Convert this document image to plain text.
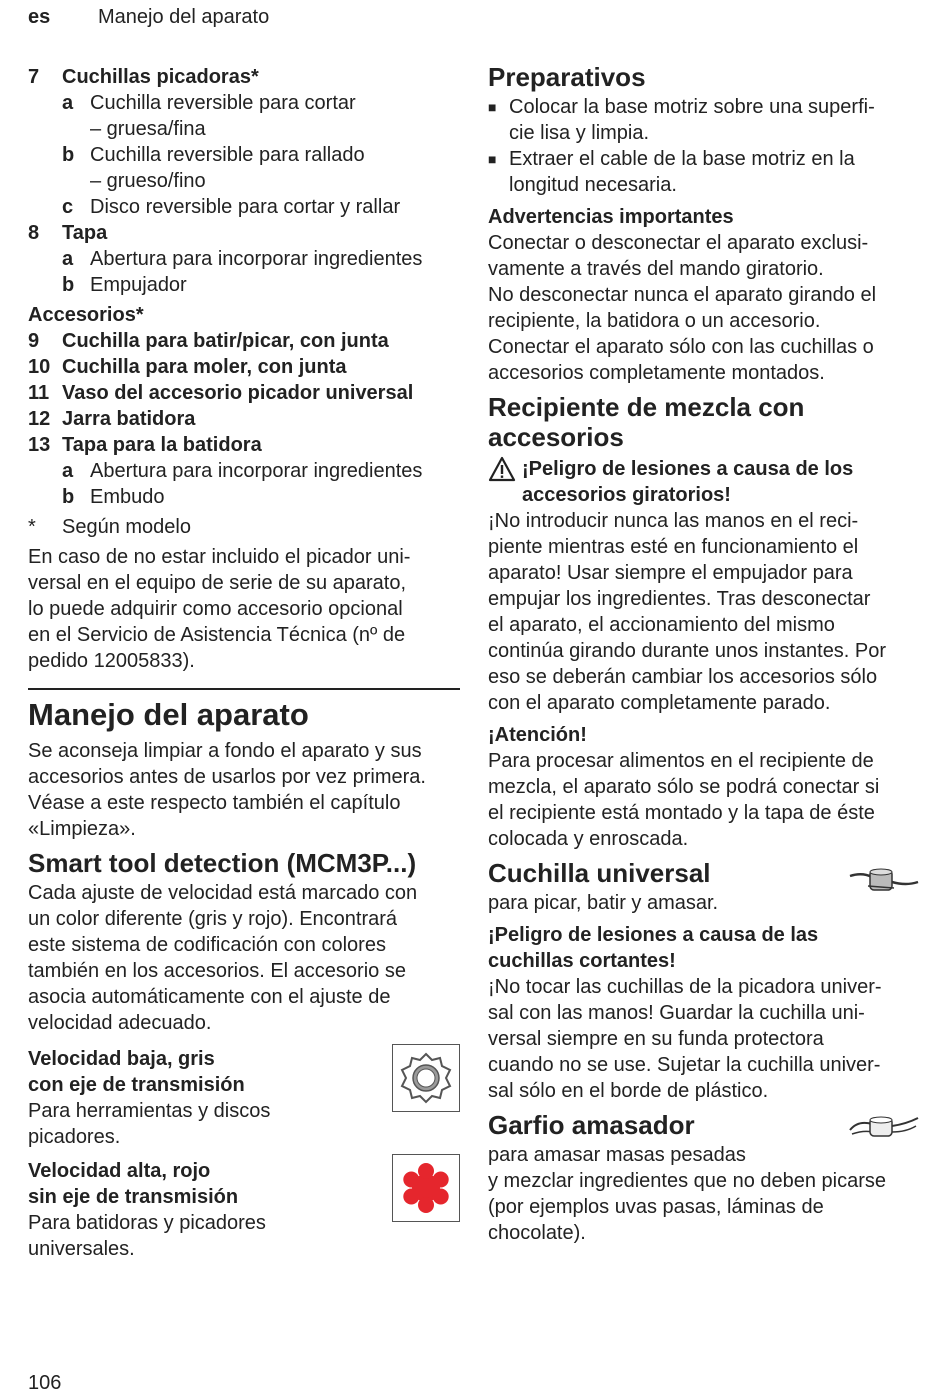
es Manejo del aparato
7	Cuchillas picadoras*
a Cuchilla reversible para cortar
– gruesa/fina
b Cuchilla reversible para rallado
– grueso/fino
c Disco reversible para cortar y rallar
8	Tapa
a Abertura para incorporar ingredientes
b Empujador
Accesorios*
9	Cuchilla para batir/picar, con junta
10 Cuchilla para moler, con junta
11 Vaso del accesorio picador universal
12 Jarra batidora
13 Tapa para la batidora
a Abertura para incorporar ingredientes
b Embudo
*	Según modelo

En caso de no estar incluido el picador uni-

versal en el equipo de serie de su aparato,

lo puede adquirir como accesorio opcional

en el Servicio de Asistencia Técnica (nº de

pedido 12005833).

Manejo del aparato

Se aconseja limpiar a fondo el aparato y sus

accesorios antes de usarlos por vez primera.

Véase a este respecto también el capítulo

«Limpieza».

Smart tool detection (MCM3P...)

Cada ajuste de velocidad está marcado con

un color diferente (gris y rojo). Encontrará

este sistema de codificación con colores

también en los accesorios. El accesorio se

asocia automáticamente con el ajuste de

velocidad adecuado.

Velocidad baja, gris

con eje de transmisión

Para herramientas y discos

picadores.

Velocidad alta, rojo

sin eje de transmisión

Para batidoras y picadores

universales.

Preparativos
■ Colocar la base motriz sobre una superfi-
cie lisa y limpia.
■ Extraer el cable de la base motriz en la
longitud necesaria.
Advertencias importantes

Conectar o desconectar el aparato exclusi-

vamente a través del mando giratorio.

No desconectar nunca el aparato girando el

recipiente, la batidora o un accesorio.

Conectar el aparato sólo con las cuchillas o

accesorios completamente montados.

Recipiente de mezcla con
accesorios
¡Peligro de lesiones a causa de los
accesorios giratorios!

¡No introducir nunca las manos en el reci-

piente mientras esté en funcionamiento el

aparato! Usar siempre el empujador para

empujar los ingredientes. Tras desconectar

el aparato, el accionamiento del mismo

continúa girando durante unos instantes. Por

eso se deberán cambiar los accesorios sólo

con el aparato completamente parado.

¡Atención!

Para procesar alimentos en el recipiente de

mezcla, el aparato sólo se podrá conectar si

el recipiente está montado y la tapa de éste

colocada y enroscada.

Cuchilla universal

para picar, batir y amasar.

¡Peligro de lesiones a causa de las
cuchillas cortantes!

¡No tocar las cuchillas de la picadora univer-

sal con las manos! Guardar la cuchilla uni-

versal siempre en su funda protectora

cuando no se use. Sujetar la cuchilla univer-

sal sólo en el borde de plástico.

Garfio amasador

para amasar masas pesadas

y mezclar ingredientes que no deben picarse

(por ejemplos uvas pasas, láminas de

chocolate).

106
